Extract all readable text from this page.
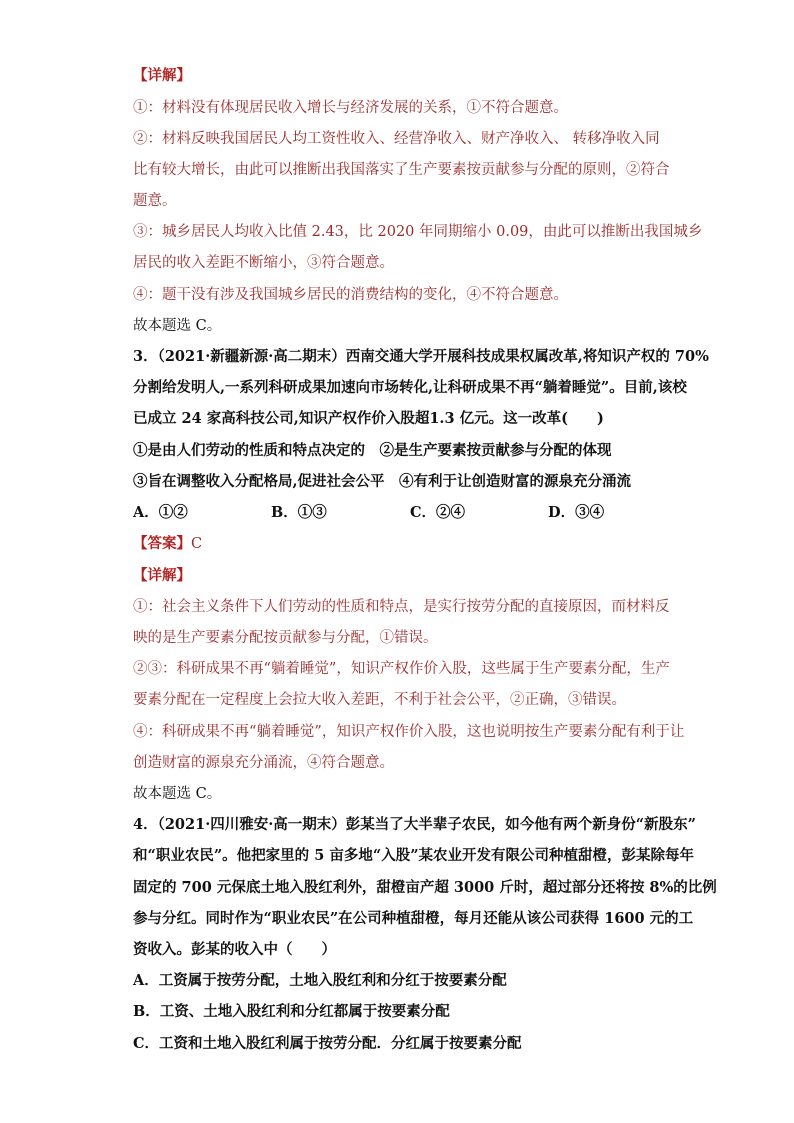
【详解】
①：材料没有体现居民收入增长与经济发展的关系，①不符合题意。
②：材料反映我国居民人均工资性收入、经营净收入、财产净收入、 转移净收入同
比有较大增长，由此可以推断出我国落实了生产要素按贡献参与分配的原则，②符合
题意。
③：城乡居民人均收入比值 2.43，比 2020 年同期缩小 0.09，由此可以推断出我国城乡
居民的收入差距不断缩小，③符合题意。
④：题干没有涉及我国城乡居民的消费结构的变化，④不符合题意。
故本题选 C。
3．（2021·新疆新源·高二期末）西南交通大学开展科技成果权属改革,将知识产权的 70%
分割给发明人,一系列科研成果加速向市场转化,让科研成果不再“躺着睡觉”。目前,该校
已成立 24 家高科技公司,知识产权作价入股超1.3 亿元。这一改革(　　)
①是由人们劳动的性质和特点决定的　②是生产要素按贡献参与分配的体现
③旨在调整收入分配格局,促进社会公平　④有利于让创造财富的源泉充分涌流
A．①②	B．①③	C．②④	D．③④
【答案】C
【详解】
①：社会主义条件下人们劳动的性质和特点，是实行按劳分配的直接原因，而材料反
映的是生产要素分配按贡献参与分配，①错误。
②③：科研成果不再“躺着睡觉”，知识产权作价入股，这些属于生产要素分配，生产
要素分配在一定程度上会拉大收入差距，不利于社会公平，②正确，③错误。
④：科研成果不再“躺着睡觉”，知识产权作价入股，这也说明按生产要素分配有利于让
创造财富的源泉充分涌流，④符合题意。
故本题选 C。
4．（2021·四川雅安·高一期末）彭某当了大半辈子农民，如今他有两个新身份“新股东”
和“职业农民”。他把家里的 5 亩多地“入股”某农业开发有限公司种植甜橙，彭某除每年
固定的 700 元保底土地入股红利外，甜橙亩产超 3000 斤时，超过部分还将按 8%的比例
参与分红。同时作为“职业农民”在公司种植甜橙，每月还能从该公司获得 1600 元的工
资收入。彭某的收入中（　　）
A．工资属于按劳分配，土地入股红利和分红于按要素分配
B．工资、土地入股红利和分红都属于按要素分配
C．工资和土地入股红利属于按劳分配．分红属于按要素分配
